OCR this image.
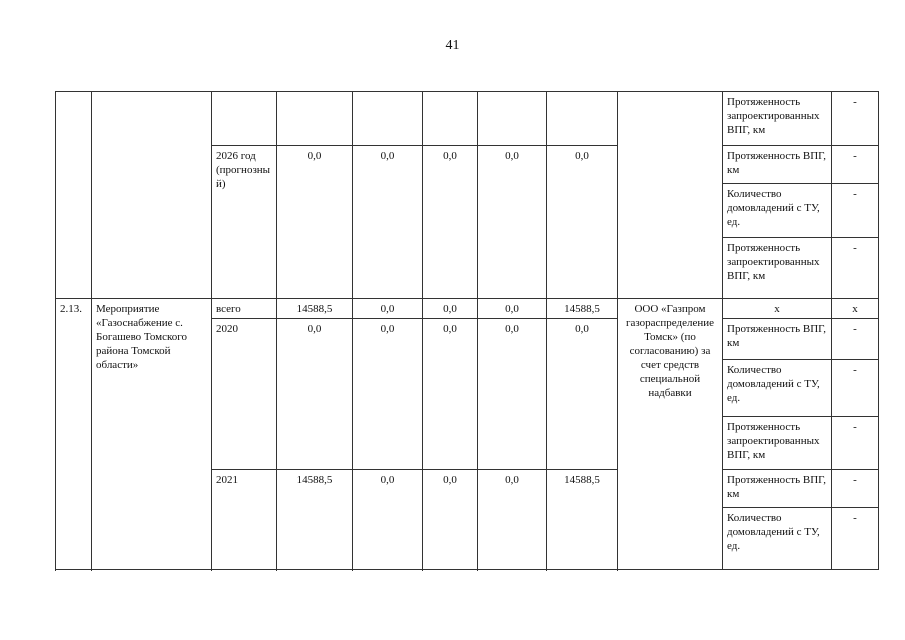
41
									Протяженность запроектированных ВПГ, км	-
		2026 год (прогнозный)	0,0	0,0	0,0	0,0	0,0		Протяженность ВПГ, км	-
									Количество домовладений с ТУ, ед.	-
									Протяженность запроектированных ВПГ, км	-
2.13.	Мероприятие «Газоснабжение с. Богашево Томского района Томской области»	всего	14588,5	0,0	0,0	0,0	14588,5	ООО «Газпром газораспределение Томск» (по согласованию) за счет средств специальной надбавки	х	х
		2020	0,0	0,0	0,0	0,0	0,0		Протяженность ВПГ, км	-
									Количество домовладений с ТУ, ед.	-
									Протяженность запроектированных ВПГ, км	-
		2021	14588,5	0,0	0,0	0,0	14588,5		Протяженность ВПГ, км	-
									Количество домовладений с ТУ, ед.	-
